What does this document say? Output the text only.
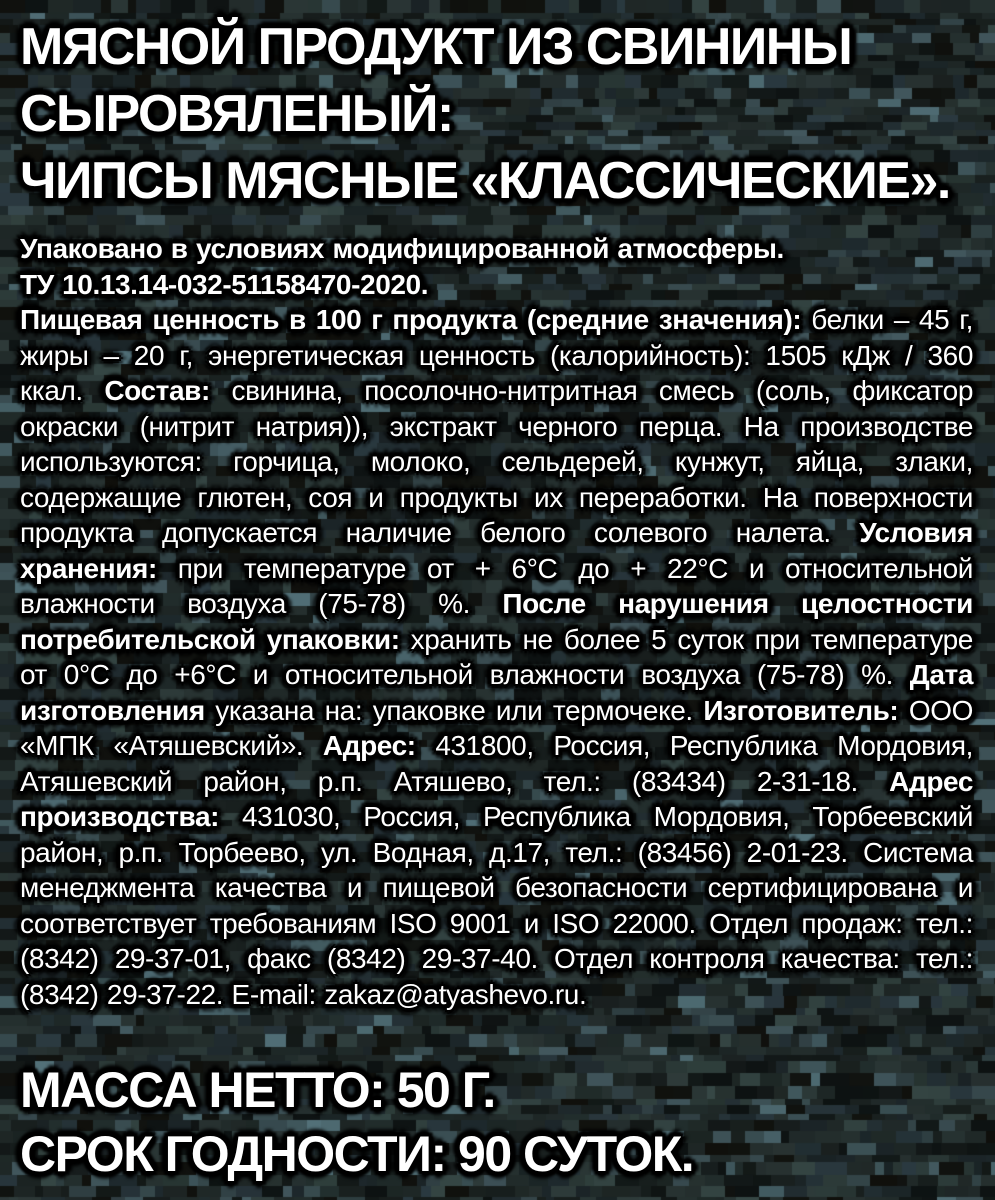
МЯСНОЙ ПРОДУКТ ИЗ СВИНИНЫ
СЫРОВЯЛЕНЫЙ:
ЧИПСЫ МЯСНЫЕ «КЛАССИЧЕСКИЕ».

Упаковано в условиях модифицированной атмосферы.

ТУ 10.13.14-032-51158470-2020.

Пищевая ценность в 100 г продукта (средние значения): белки – 45 г, жиры – 20 г, энергетическая ценность (калорийность): 1505 кДж / 360 ккал. Состав: свинина, посолочно-нитритная смесь (соль, фиксатор окраски (нитрит натрия)), экстракт черного перца. На производстве используются: горчица, молоко, сельдерей, кунжут, яйца, злаки, содержащие глютен, соя и продукты их переработки. На поверхности продукта допускается наличие белого солевого налета. Условия хранения: при температуре от + 6°С до + 22°С и относительной влажности воздуха (75-78) %. После нарушения целостности потребительской упаковки: хранить не более 5 суток при температуре от 0°С до +6°С и относительной влажности воздуха (75-78) %. Дата изготовления указана на: упаковке или термочеке. Изготовитель: ООО «МПК «Атяшевский». Адрес: 431800, Россия, Республика Мордовия, Атяшевский район, р.п. Атяшево, тел.: (83434) 2-31-18. Адрес производства: 431030, Россия, Республика Мордовия, Торбеевский район, р.п. Торбеево, ул. Водная, д.17, тел.: (83456) 2-01-23. Система менеджмента качества и пищевой безопасности сертифицирована и соответствует требованиям ISO 9001 и ISO 22000. Отдел продаж: тел.: (8342) 29-37-01, факс (8342) 29-37-40. Отдел контроля качества: тел.: (8342) 29-37-22. E-mail: zakaz@atyashevo.ru.

МАССА НЕТТО: 50 Г.
СРОК ГОДНОСТИ: 90 СУТОК.
